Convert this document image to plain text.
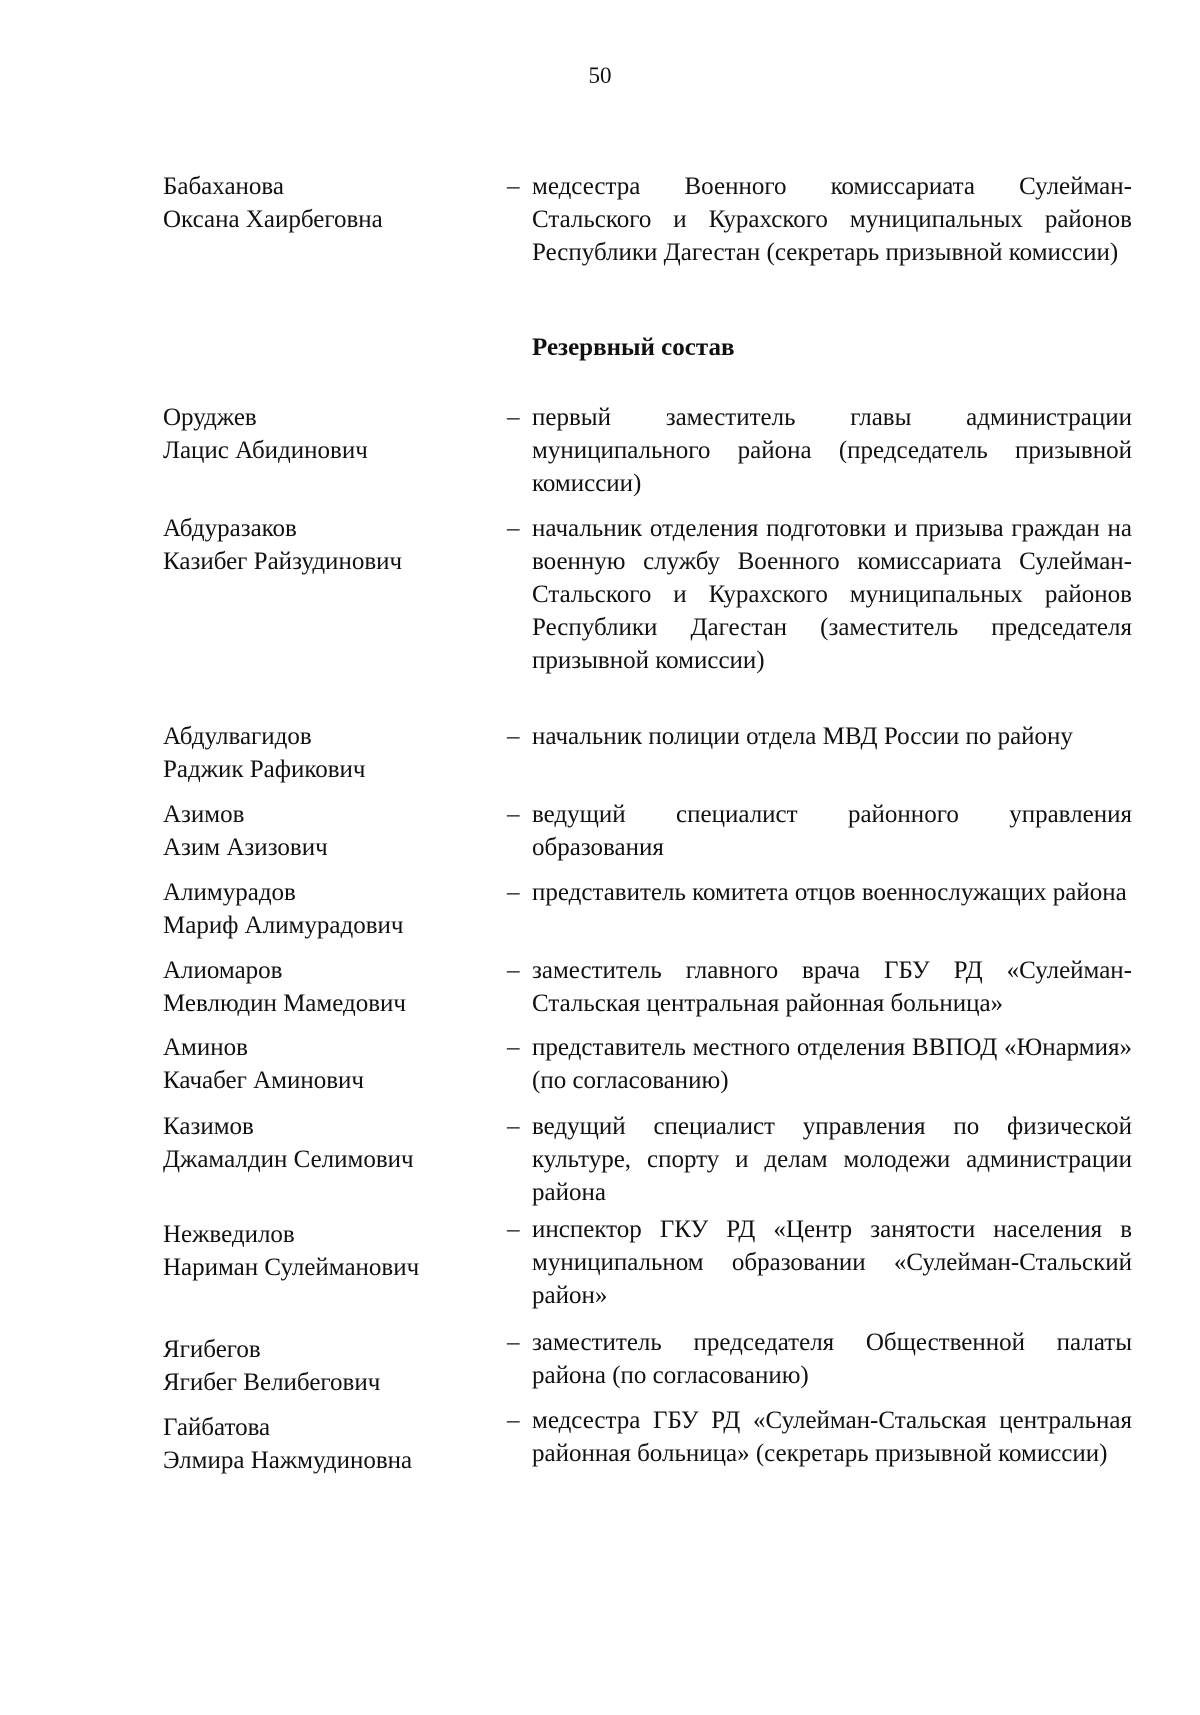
50
Бабаханова
Оксана Хаирбеговна
– медсестра Военного комиссариата Сулейман-Стальского и Курахского муниципальных районов Республики Дагестан (секретарь призывной комиссии)
Резервный состав
Оруджев
Лацис Абидинович
– первый заместитель главы администрации муниципального района (председатель призывной комиссии)
Абдуразаков
Казибег Райзудинович
– начальник отделения подготовки и призыва граждан на военную службу Военного комиссариата Сулейман-Стальского и Курахского муниципальных районов Республики Дагестан (заместитель председателя призывной комиссии)
Абдулвагидов
Раджик Рафикович
– начальник полиции отдела МВД России по району
Азимов
Азим Азизович
– ведущий специалист районного управления образования
Алимурадов
Мариф Алимурадович
– представитель комитета отцов военнослужащих района
Алиомаров
Мевлюдин Мамедович
– заместитель главного врача ГБУ РД «Сулейман-Стальская центральная районная больница»
Аминов
Качабег Аминович
– представитель местного отделения ВВПОД «Юнармия» (по согласованию)
Казимов
Джамалдин Селимович
– ведущий специалист управления по физической культуре, спорту и делам молодежи администрации района
Нежведилов
Нариман Сулейманович
– инспектор ГКУ РД «Центр занятости населения в муниципальном образовании «Сулейман-Стальский район»
Ягибегов
Ягибег Велибегович
– заместитель председателя Общественной палаты района (по согласованию)
Гайбатова
Элмира Нажмудиновна
– медсестра ГБУ РД «Сулейман-Стальская центральная районная больница» (секретарь призывной комиссии)
